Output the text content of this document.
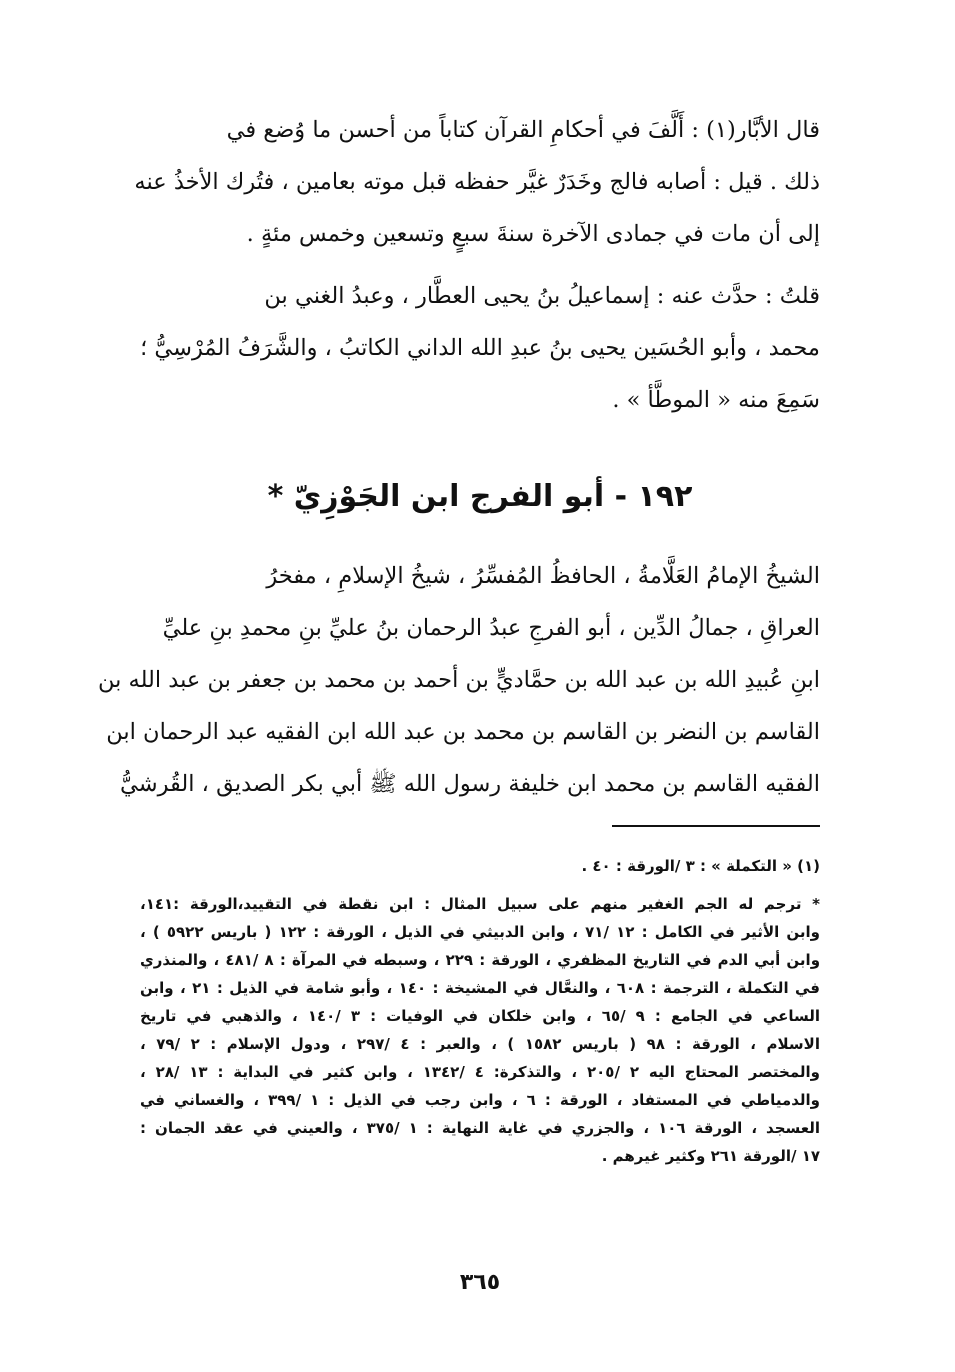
قال الأبَّار(١) : أَلَّفَ في أحكامِ القرآن كتاباً من أحسن ما وُضع في
ذلك . قيل : أصابه فالج وخَدَرٌ غيَّر حفظه قبل موته بعامين ، فتُرك الأخذُ عنه
إلى أن مات في جمادى الآخرة سنةَ سبعٍ وتسعين وخمس مئةٍ .

قلتُ : حدَّث عنه : إسماعيلُ بنُ يحيى العطَّار ، وعبدُ الغني بن
محمد ، وأبو الحُسَين يحيى بنُ عبدِ الله الداني الكاتبُ ، والشَّرَفُ المُرْسِيُّ ؛
سَمِعَ منه « الموطَّأ » .

١٩٢ - أبو الفرج ابن الجَوْزِيّ *

الشيخُ الإمامُ العَلَّامةُ ، الحافظُ المُفسِّرُ ، شيخُ الإسلامِ ، مفخرُ
العراقِ ، جمالُ الدِّين ، أبو الفرجِ عبدُ الرحمان بنُ عليِّ بنِ محمدِ بنِ عليِّ
ابنِ عُبيدِ الله بن عبد الله بن حمَّاديٍّ بن أحمد بن محمد بن جعفر بن عبد الله بن
القاسم بن النضر بن القاسم بن محمد بن عبد الله ابن الفقيه عبد الرحمان ابن
الفقيه القاسم بن محمد ابن خليفة رسول الله ﷺ أبي بكر الصديق ، القُرشيُّ

(١) « التكملة » : ٣ /الورقة : ٤٠ .
* ترجم له الجم الغفير منهم على سبيل المثال : ابن نقطة في التقييد،الورقة :١٤١،
وابن الأثير في الكامل : ١٢ /٧١ ، وابن الدبيثي في الذيل ، الورقة : ١٢٢ ( باريس ٥٩٢٢ ) ،
وابن أبي الدم في التاريخ المظفري ، الورقة : ٢٢٩ ، وسبطه في المرآة : ٨ /٤٨١ ، والمنذري
في التكملة ، الترجمة : ٦٠٨ ، والنعَّال في المشيخة : ١٤٠ ، وأبو شامة في الذيل : ٢١ ، وابن
الساعي في الجامع : ٩ /٦٥ ، وابن خلكان في الوفيات : ٣ /١٤٠ ، والذهبي في تاريخ
الاسلام ، الورقة : ٩٨ ( باريس ١٥٨٢ ) ، والعبر : ٤ /٢٩٧ ، ودول الإسلام : ٢ /٧٩ ،
والمختصر المحتاج اليه ٢ /٢٠٥ ، والتذكرة: ٤ /١٣٤٢ ، وابن كثير في البداية : ١٣ /٢٨ ،
والدمياطي في المستفاد ، الورقة : ٦ ، وابن رجب في الذيل : ١ /٣٩٩ ، والغساني في
العسجد ، الورقة ١٠٦ ، والجزري في غاية النهاية : ١ /٣٧٥ ، والعيني في عقد الجمان :
١٧ /الورقة ٢٦١ وكثير غيرهم .
٣٦٥
